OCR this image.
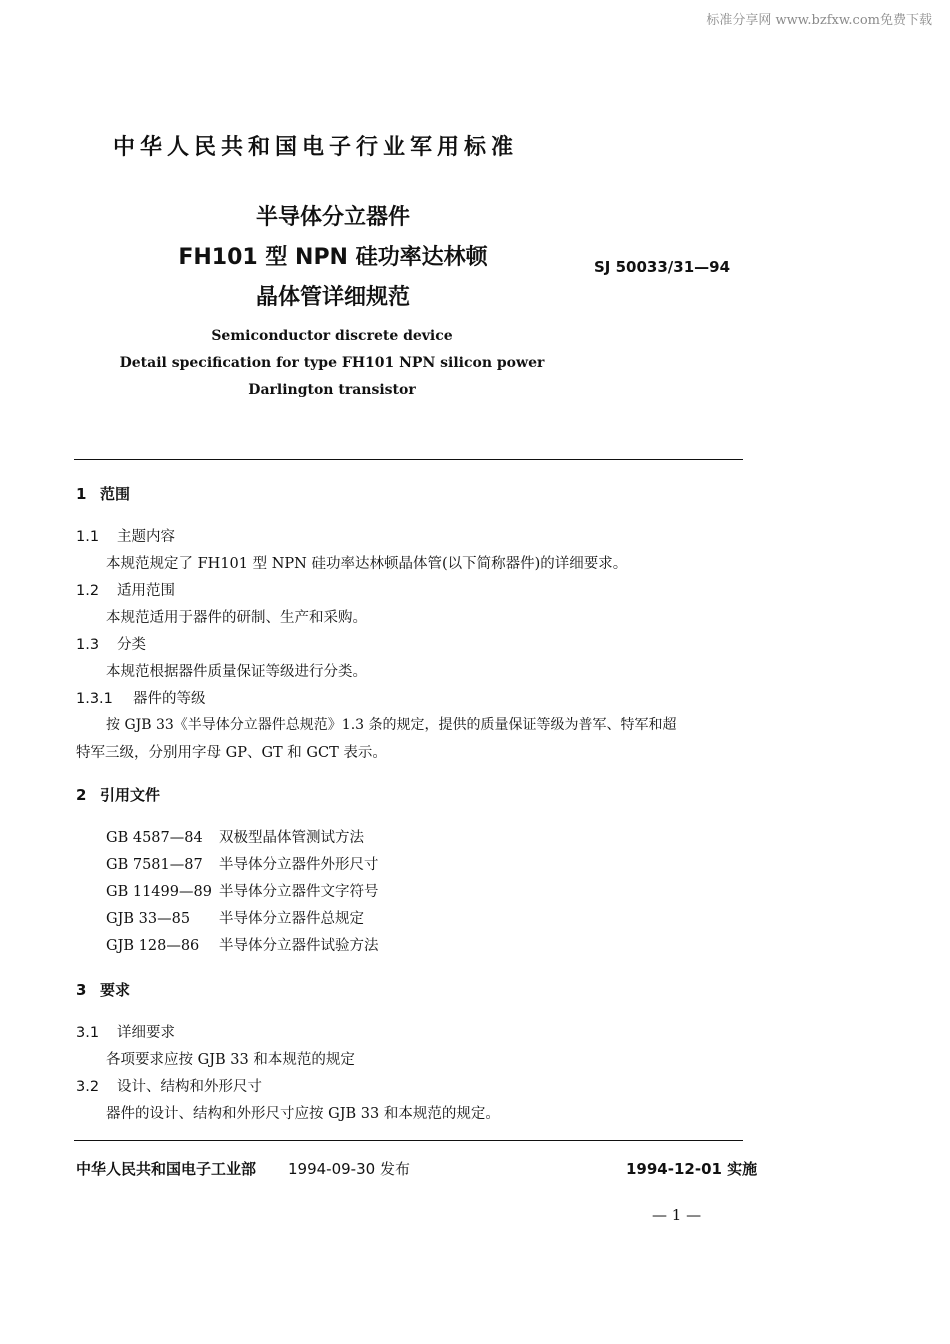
标准分享网 www.bzfxw.com免费下载
中华人民共和国电子行业军用标准
半导体分立器件
FH101 型 NPN 硅功率达林顿
晶体管详细规范
SJ 50033/31—94
Semiconductor discrete device
Detail specification for type FH101 NPN silicon power
Darlington transistor
1 范围
1.1 主题内容
本规范规定了 FH101 型 NPN 硅功率达林顿晶体管(以下简称器件)的详细要求。
1.2 适用范围
本规范适用于器件的研制、生产和采购。
1.3 分类
本规范根据器件质量保证等级进行分类。
1.3.1 器件的等级
按 GJB 33《半导体分立器件总规范》1.3 条的规定，提供的质量保证等级为普军、特军和超
特军三级，分别用字母 GP、GT 和 GCT 表示。
2 引用文件
GB 4587—84 双极型晶体管测试方法
GB 7581—87 半导体分立器件外形尺寸
GB 11499—89 半导体分立器件文字符号
GJB 33—85 半导体分立器件总规定
GJB 128—86 半导体分立器件试验方法
3 要求
3.1 详细要求
各项要求应按 GJB 33 和本规范的规定
3.2 设计、结构和外形尺寸
器件的设计、结构和外形尺寸应按 GJB 33 和本规范的规定。
中华人民共和国电子工业部 1994-09-30 发布	1994-12-01 实施
— 1 —
